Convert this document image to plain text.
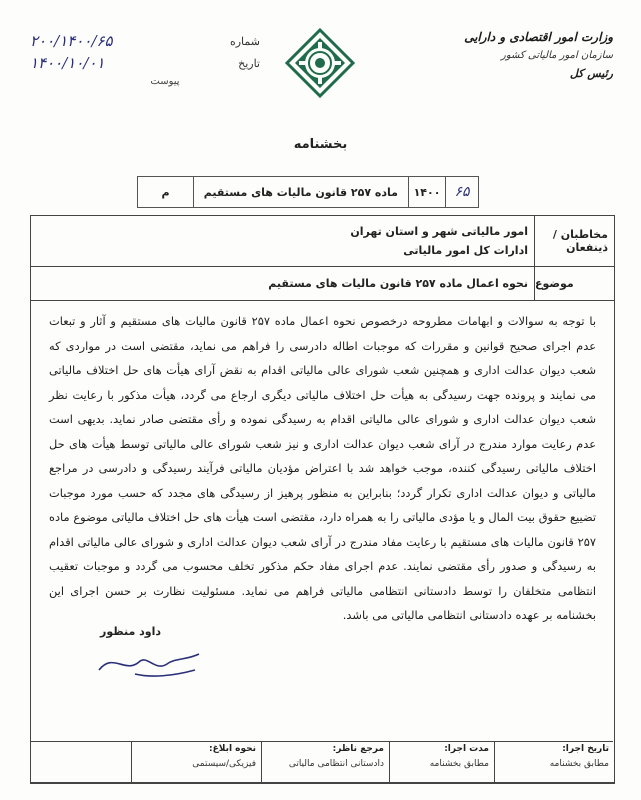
شماره
۲۰۰/۱۴۰۰/۶۵
تاریخ
۱۴۰۰/۱۰/۰۱
پیوست
وزارت امور اقتصادی و دارایی
سازمان امور مالیاتی کشور
رئیس کل
بخشنامه
۶۵
۱۴۰۰
ماده ۲۵۷ قانون مالیات های مستقیم
م
مخاطبان / ذینفعان
امور مالیاتی شهر و استان تهران
ادارات کل امور مالیاتی
موضوع
نحوه اعمال ماده ۲۵۷ قانون مالیات های مستقیم
با توجه به سوالات و ابهامات مطروحه درخصوص نحوه اعمال ماده ۲۵۷ قانون مالیات های مستقیم و آثار و تبعات عدم اجرای صحیح قوانین و مقررات که موجبات اطاله دادرسی را فراهم می نماید، مقتضی است در مواردی که شعب دیوان عدالت اداری و همچنین شعب شورای عالی مالیاتی اقدام به نقض آرای هیأت های حل اختلاف مالیاتی می نمایند و پرونده جهت رسیدگی به هیأت حل اختلاف مالیاتی دیگری ارجاع می گردد، هیأت مذکور با رعایت نظر شعب دیوان عدالت اداری و شورای عالی مالیاتی اقدام به رسیدگی نموده و رأی مقتضی صادر نماید. بدیهی است عدم رعایت موارد مندرج در آرای شعب دیوان عدالت اداری و نیز شعب شورای عالی مالیاتی توسط هیأت های حل اختلاف مالیاتی رسیدگی کننده، موجب خواهد شد با اعتراض مؤدیان مالیاتی فرآیند رسیدگی و دادرسی در مراجع مالیاتی و دیوان عدالت اداری تکرار گردد؛ بنابراین به منظور پرهیز از رسیدگی های مجدد که حسب مورد موجبات تضییع حقوق بیت المال و یا مؤدی مالیاتی را به همراه دارد، مقتضی است هیأت های حل اختلاف مالیاتی موضوع ماده ۲۵۷ قانون مالیات های مستقیم با رعایت مفاد مندرج در آرای شعب دیوان عدالت اداری و شورای عالی مالیاتی اقدام به رسیدگی و صدور رأی مقتضی نمایند. عدم اجرای مفاد حکم مذکور تخلف محسوب می گردد و موجبات تعقیب انتظامی متخلفان را توسط دادستانی انتظامی مالیاتی فراهم می نماید. مسئولیت نظارت بر حسن اجرای این بخشنامه بر عهده دادستانی انتظامی مالیاتی می باشد.
داود منظور
تاریخ اجرا:
مطابق بخشنامه
مدت اجرا:
مطابق بخشنامه
مرجع ناظر:
دادستانی انتظامی مالیاتی
نحوه ابلاغ:
فیزیکی/سیستمی
